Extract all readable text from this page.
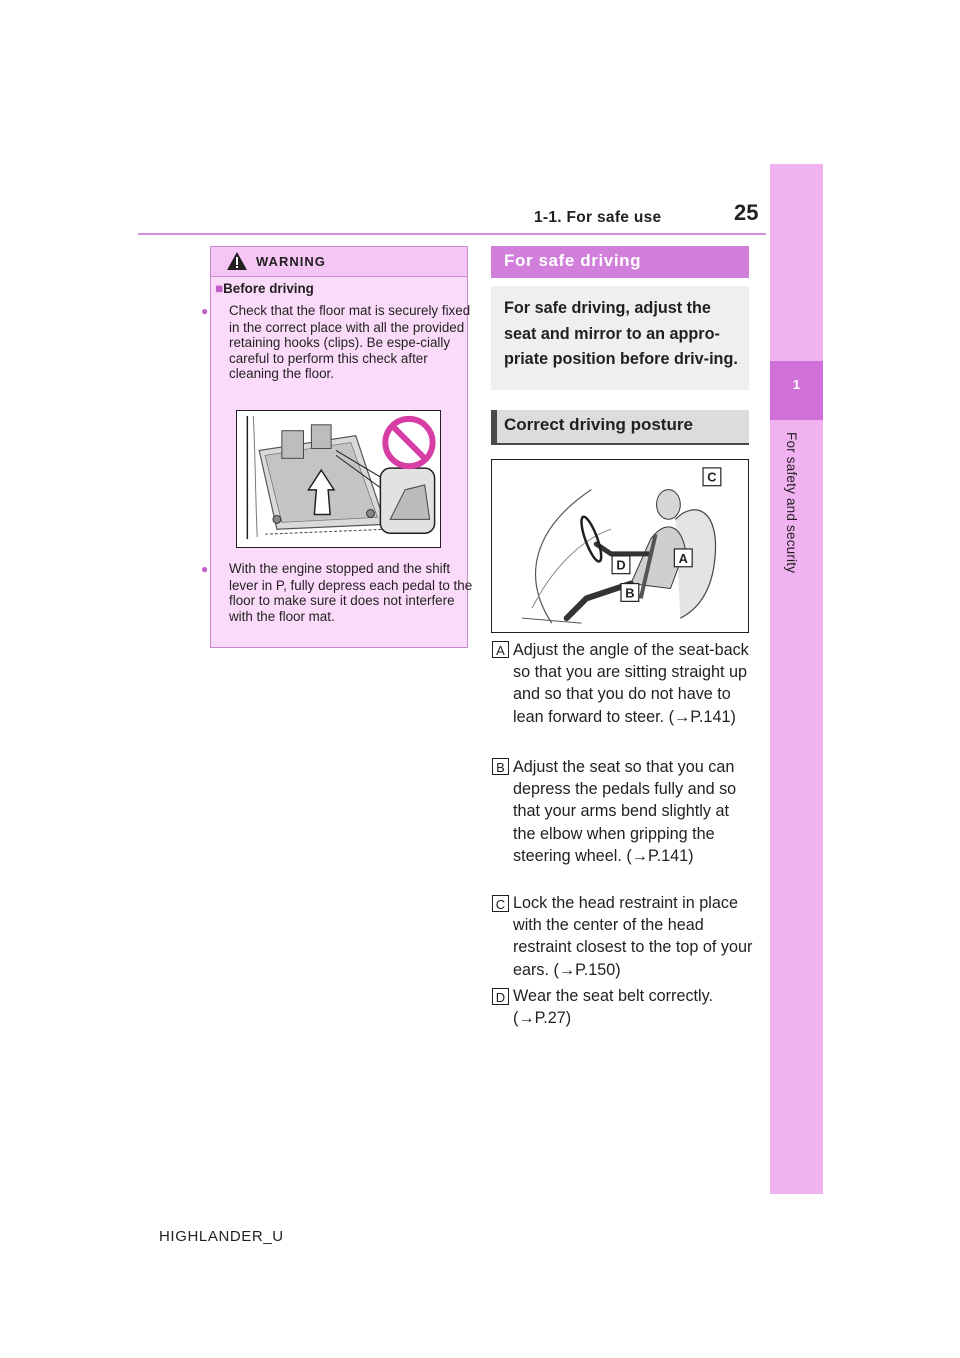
1-1. For safe use	25
1
For safety and security
WARNING
■Before driving
● Check that the floor mat is securely fixed in the correct place with all the provided retaining hooks (clips). Be espe-cially careful to perform this check after cleaning the floor.
● With the engine stopped and the shift lever in P, fully depress each pedal to the floor to make sure it does not interfere with the floor mat.
For safe driving
For safe driving, adjust the seat and mirror to an appro-priate position before driv-ing.
Correct driving posture
C
A
D
B
A Adjust the angle of the seat-back so that you are sitting straight up and so that you do not have to lean forward to steer. (→P.141)
B Adjust the seat so that you can depress the pedals fully and so that your arms bend slightly at the elbow when gripping the steering wheel. (→P.141)
C Lock the head restraint in place with the center of the head restraint closest to the top of your ears. (→P.150)
D Wear the seat belt correctly. (→P.27)
HIGHLANDER_U
